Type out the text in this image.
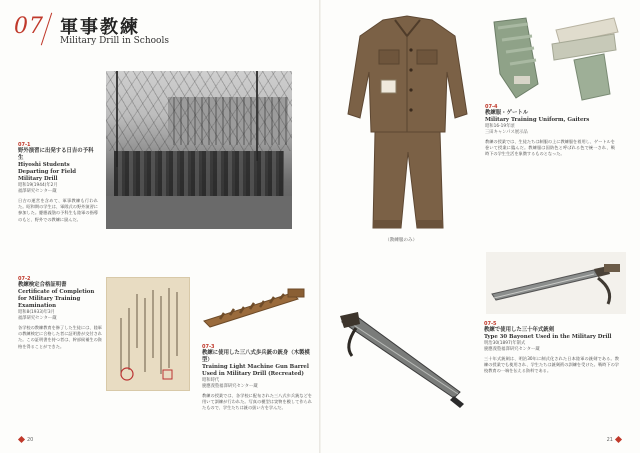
07 軍事教練
Military Drill in Schools
（教練服のみ）
07-1
野外演習に出発する日吉の予科生
Hiyoshi Students Departing for Field Military Drill
昭和19(1944)年2月
福澤研究センター蔵
日吉の運営を含めて、軍事教練も行われた。昭和期の学生は、軍隊式の野外演習に参加した。慶應義塾の予科生も陸軍の指導のもと、野外での教練に励んだ。
07-2
教練検定合格証明書
Certificate of Completion for Military Training Examination
昭和8(1933)年3月
福澤研究センター蔵
各学校の教練教育を修了した生徒には、陸軍の教練検定に合格した者に証明書が交付された。この証明書を持つ者は、幹部候補生の資格を得ることができた。	07-3
教練に使用した三八式歩兵銃の銃身（木製模型）
Training Light Machine Gun Barrel Used in Military Drill (Recreated)
昭和時代
慶應義塾福澤研究センター蔵
教練の授業では、各学校に配布された三八式歩兵銃などを用いて訓練が行われた。写真の模型は実物を模して作られたもので、学生たちは銃の扱い方を学んだ。
07-4
教練服・ゲートル
Military Training Uniform, Gaiters
昭和16-19年頃
三田キャンパス展示品
教練の授業では、生徒たちは制服の上に教練服を着用し、ゲートルを巻いて授業に臨んだ。教練服は国防色と呼ばれる色で統一され、戦時下の学生生活を象徴するものとなった。
07-5
教練で使用した三十年式銃剣
Type 30 Bayonet Used in the Military Drill
明治30(1897)年制式
慶應義塾福澤研究センター蔵
三十年式銃剣は、明治30年に制式化された日本陸軍の銃剣である。教練の授業でも使用され、学生たちは銃剣術の訓練を受けた。戦時下の学校教育の一端を伝える資料である。
20	21
